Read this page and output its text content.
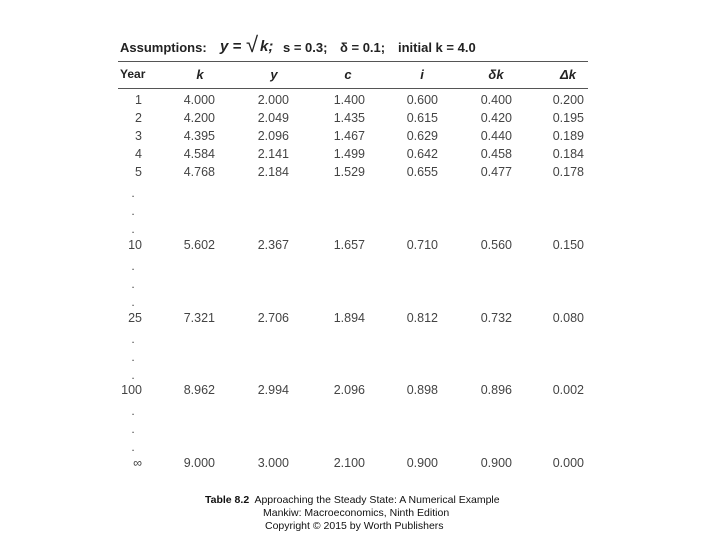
Assumptions: y = √ k; s = 0.3; δ = 0.1; initial k = 4.0
Year	k	y	c	i	δk	Δk
1	4.000	2.000	1.400	0.600	0.400	0.200
2	4.200	2.049	1.435	0.615	0.420	0.195
3	4.395	2.096	1.467	0.629	0.440	0.189
4	4.584	2.141	1.499	0.642	0.458	0.184
5	4.768	2.184	1.529	0.655	0.477	0.178
10	5.602	2.367	1.657	0.710	0.560	0.150
25	7.321	2.706	1.894	0.812	0.732	0.080
100	8.962	2.994	2.096	0.898	0.896	0.002
∞	9.000	3.000	2.100	0.900	0.900	0.000
.
.
.
.
.
.
.
.
.
.
.
.
Table 8.2 Approaching the Steady State: A Numerical Example
Mankiw: Macroeconomics, Ninth Edition
Copyright © 2015 by Worth Publishers
